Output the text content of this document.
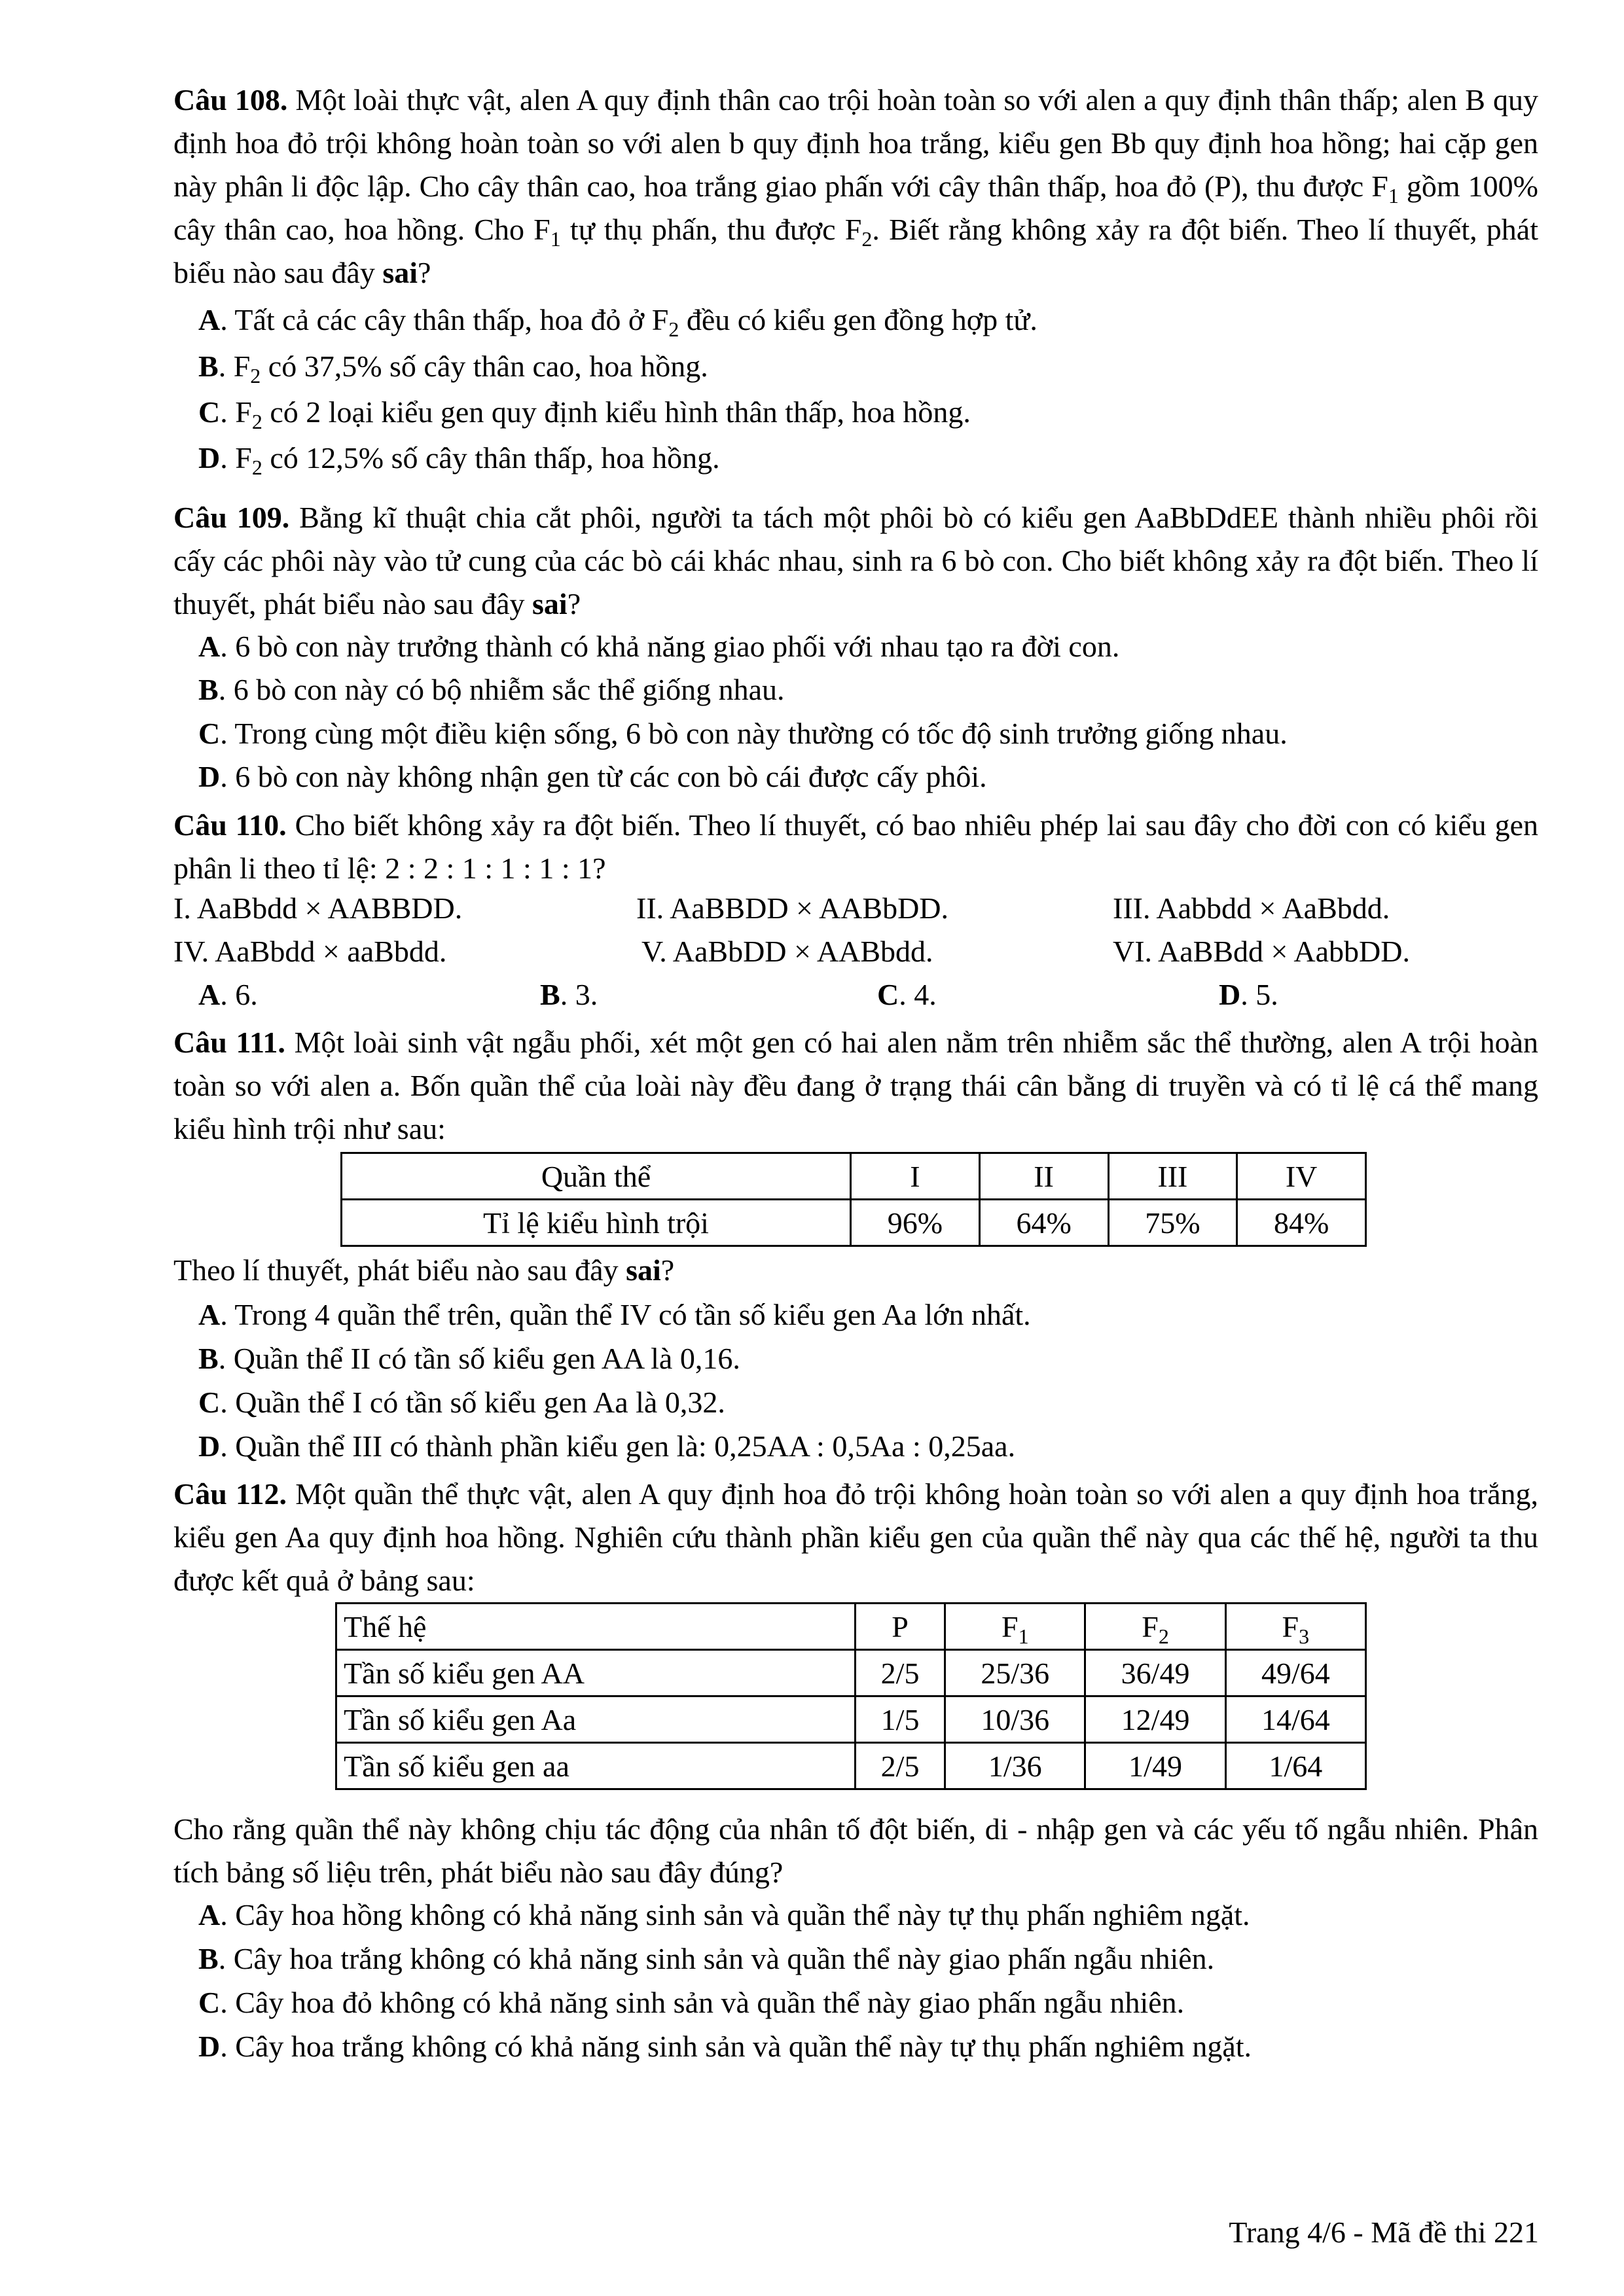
Câu 108. Một loài thực vật, alen A quy định thân cao trội hoàn toàn so với alen a quy định thân thấp; alen B quy định hoa đỏ trội không hoàn toàn so với alen b quy định hoa trắng, kiểu gen Bb quy định hoa hồng; hai cặp gen này phân li độc lập. Cho cây thân cao, hoa trắng giao phấn với cây thân thấp, hoa đỏ (P), thu được $F_1$ gồm 100% cây thân cao, hoa hồng. Cho $F_1$ tự thụ phấn, thu được $F_2$. Biết rằng không xảy ra đột biến. Theo lí thuyết, phát biểu nào sau đây sai?
A. Tất cả các cây thân thấp, hoa đỏ ở $F_2$ đều có kiểu gen đồng hợp tử.
B. $F_2$ có 37,5% số cây thân cao, hoa hồng.
C. $F_2$ có 2 loại kiểu gen quy định kiểu hình thân thấp, hoa hồng.
D. $F_2$ có 12,5% số cây thân thấp, hoa hồng.
Câu 109. Bằng kĩ thuật chia cắt phôi, người ta tách một phôi bò có kiểu gen AaBbDdEE thành nhiều phôi rồi cấy các phôi này vào tử cung của các bò cái khác nhau, sinh ra 6 bò con. Cho biết không xảy ra đột biến. Theo lí thuyết, phát biểu nào sau đây sai?
A. 6 bò con này trưởng thành có khả năng giao phối với nhau tạo ra đời con.
B. 6 bò con này có bộ nhiễm sắc thể giống nhau.
C. Trong cùng một điều kiện sống, 6 bò con này thường có tốc độ sinh trưởng giống nhau.
D. 6 bò con này không nhận gen từ các con bò cái được cấy phôi.
Câu 110. Cho biết không xảy ra đột biến. Theo lí thuyết, có bao nhiêu phép lai sau đây cho đời con có kiểu gen phân li theo tỉ lệ: 2 : 2 : 1 : 1 : 1 : 1?
I. AaBbdd × AABBDD.	II. AaBBDD × AABbDD.	III. Aabbdd × AaBbdd.
IV. AaBbdd × aaBbdd.	V. AaBbDD × AABbdd.	VI. AaBBdd × AabbDD.
A. 6.	B. 3.	C. 4.	D. 5.
Câu 111. Một loài sinh vật ngẫu phối, xét một gen có hai alen nằm trên nhiễm sắc thể thường, alen A trội hoàn toàn so với alen a. Bốn quần thể của loài này đều đang ở trạng thái cân bằng di truyền và có tỉ lệ cá thể mang kiểu hình trội như sau:
Quần thể	I	II	III	IV
Tỉ lệ kiểu hình trội	96%	64%	75%	84%
Theo lí thuyết, phát biểu nào sau đây sai?
A. Trong 4 quần thể trên, quần thể IV có tần số kiểu gen Aa lớn nhất.
B. Quần thể II có tần số kiểu gen AA là 0,16.
C. Quần thể I có tần số kiểu gen Aa là 0,32.
D. Quần thể III có thành phần kiểu gen là: 0,25AA : 0,5Aa : 0,25aa.
Câu 112. Một quần thể thực vật, alen A quy định hoa đỏ trội không hoàn toàn so với alen a quy định hoa trắng, kiểu gen Aa quy định hoa hồng. Nghiên cứu thành phần kiểu gen của quần thể này qua các thế hệ, người ta thu được kết quả ở bảng sau:
Thế hệ	P	$F_1$	$F_2$	$F_3$
Tần số kiểu gen AA	2/5	25/36	36/49	49/64
Tần số kiểu gen Aa	1/5	10/36	12/49	14/64
Tần số kiểu gen aa	2/5	1/36	1/49	1/64
Cho rằng quần thể này không chịu tác động của nhân tố đột biến, di - nhập gen và các yếu tố ngẫu nhiên. Phân tích bảng số liệu trên, phát biểu nào sau đây đúng?
A. Cây hoa hồng không có khả năng sinh sản và quần thể này tự thụ phấn nghiêm ngặt.
B. Cây hoa trắng không có khả năng sinh sản và quần thể này giao phấn ngẫu nhiên.
C. Cây hoa đỏ không có khả năng sinh sản và quần thể này giao phấn ngẫu nhiên.
D. Cây hoa trắng không có khả năng sinh sản và quần thể này tự thụ phấn nghiêm ngặt.
Trang 4/6 - Mã đề thi 221
